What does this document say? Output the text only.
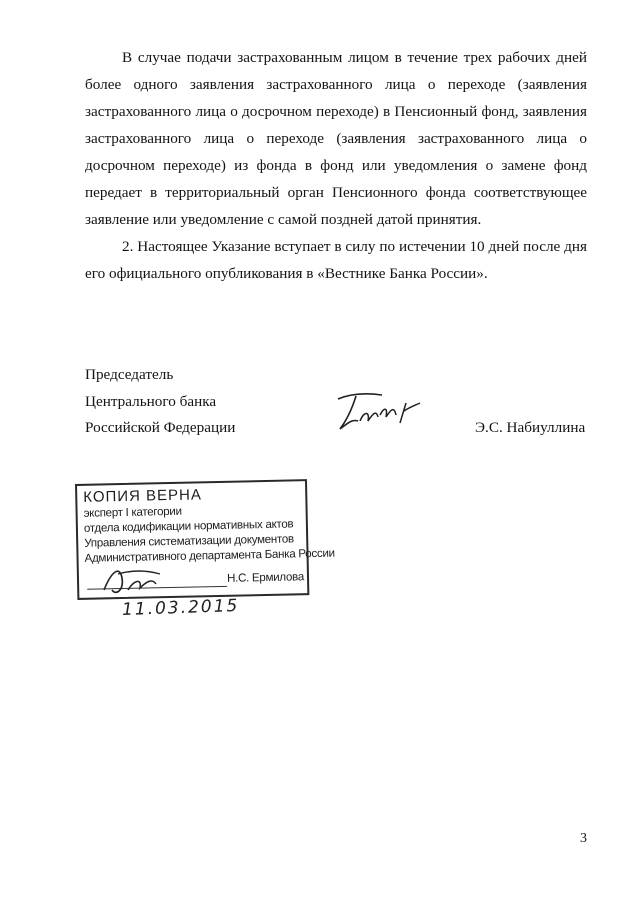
В случае подачи застрахованным лицом в течение трех рабочих дней более одного заявления застрахованного лица о переходе (заявления застрахованного лица о досрочном переходе) в Пенсионный фонд, заявления застрахованного лица о переходе (заявления застрахованного лица о досрочном переходе) из фонда в фонд или уведомления о замене фонд передает в территориальный орган Пенсионного фонда соответствующее заявление или уведомление с самой поздней датой принятия.

2. Настоящее Указание вступает в силу по истечении 10 дней после дня его официального опубликования в «Вестнике Банка России».

Председатель
Центрального банка
Российской Федерации	Э.С. Набиуллина
КОПИЯ ВЕРНА
эксперт I категории
отдела кодификации нормативных актов
Управления систематизации документов
Административного департамента Банка России
Н.С. Ермилова
11.03.2015
3
